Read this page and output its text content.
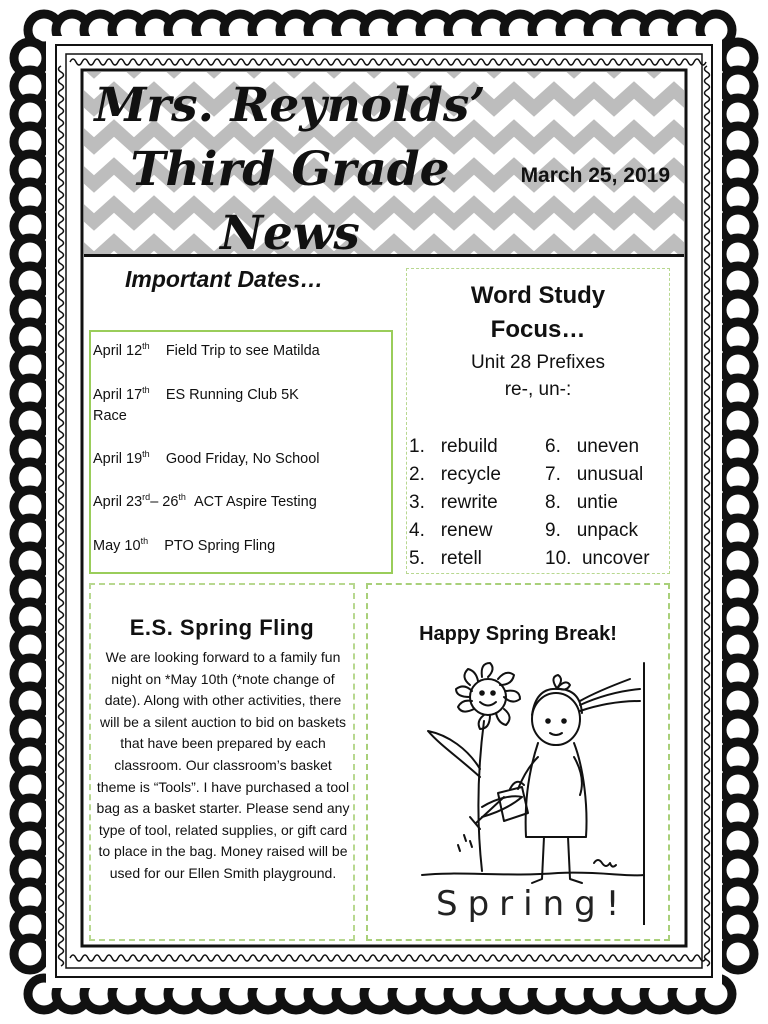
Mrs. Reynolds’
Third Grade
News
March 25, 2019
Important Dates…
April 12th Field Trip to see Matilda
April 17th ES Running Club 5K
Race
April 19th Good Friday, No School
April 23rd– 26th ACT Aspire Testing
May 10th PTO Spring Fling
Word Study
Focus…
Unit 28 Prefixes
re-, un-:
1. rebuild
2. recycle
3. rewrite
4. renew
5. retell
6. uneven
7. unusual
8. untie
9. unpack
10. uncover
E.S. Spring Fling
We are looking forward to a family fun night on *May 10th (*note change of date). Along with other activities, there will be a silent auction to bid on baskets that have been prepared by each classroom. Our classroom’s basket theme is “Tools”. I have purchased a tool bag as a basket starter. Please send any type of tool, related supplies, or gift card to place in the bag. Money raised will be used for our Ellen Smith playground.
Happy Spring Break!
Spring!
